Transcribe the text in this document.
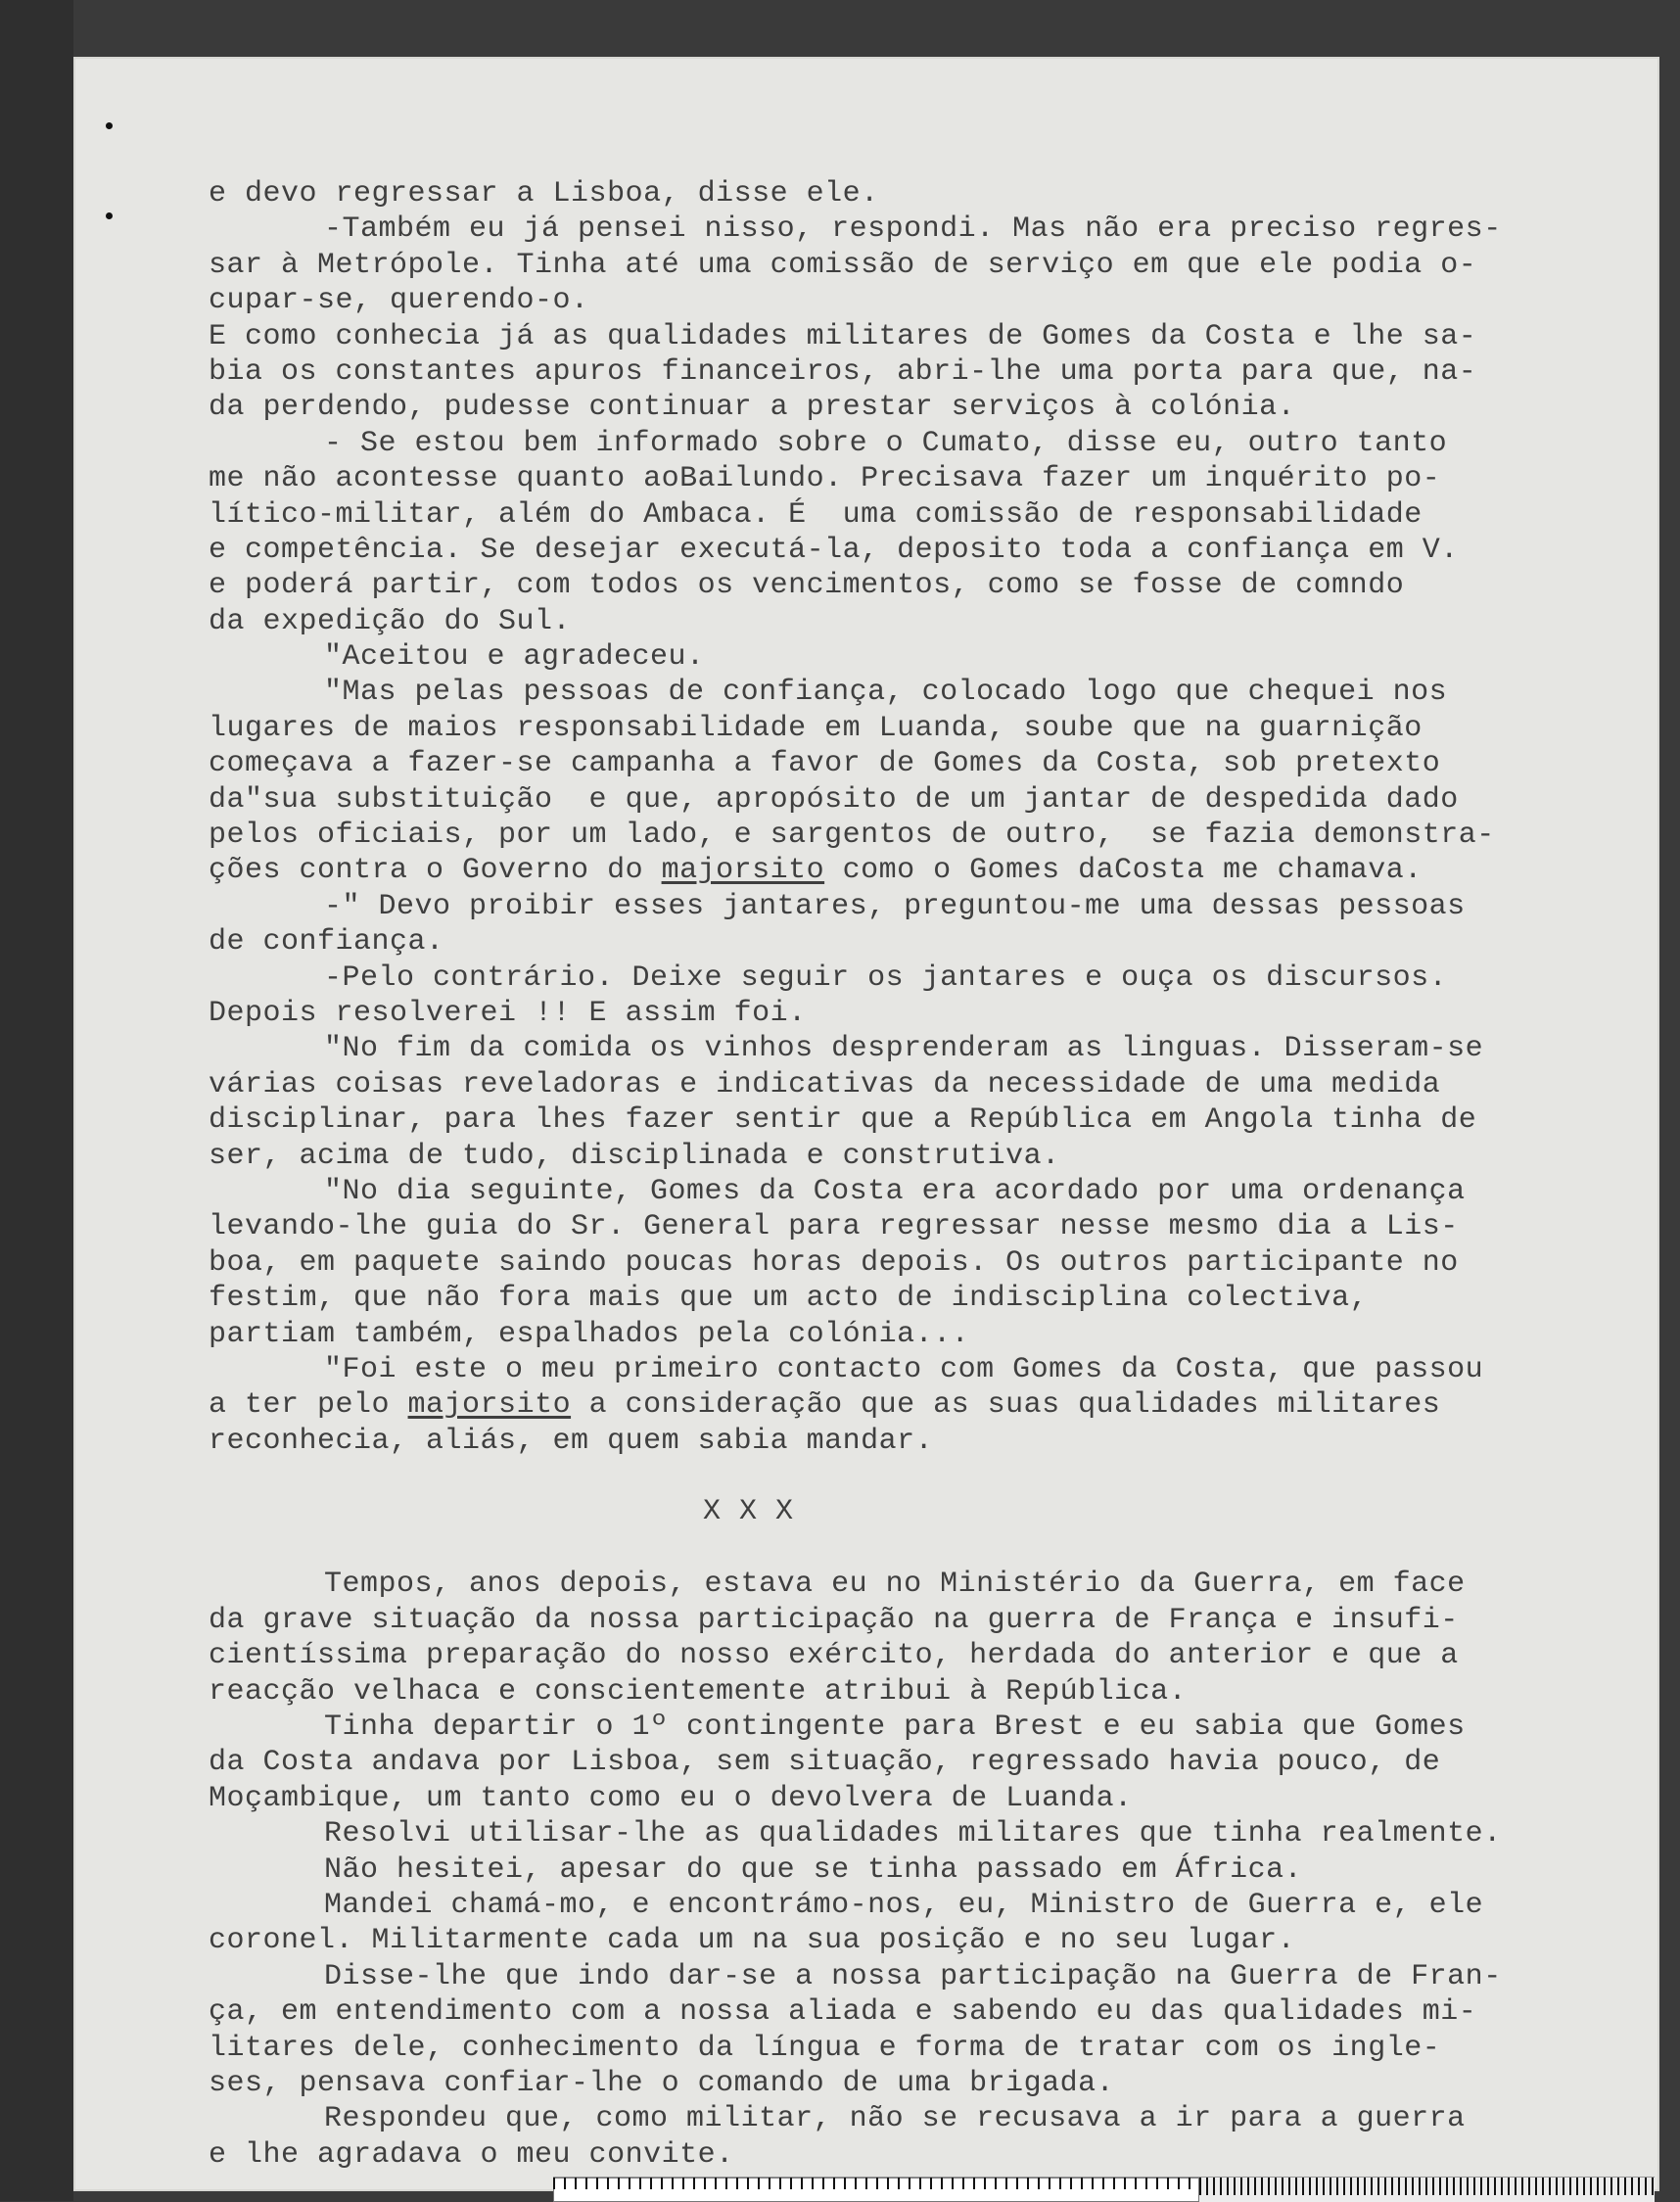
e devo regressar a Lisboa, disse ele.
-Também eu já pensei nisso, respondi. Mas não era preciso regres-
sar à Metrópole. Tinha até uma comissão de serviço em que ele podia o-
cupar-se, querendo-o.
E como conhecia já as qualidades militares de Gomes da Costa e lhe sa-
bia os constantes apuros financeiros, abri-lhe uma porta para que, na-
da perdendo, pudesse continuar a prestar serviços à colónia.
- Se estou bem informado sobre o Cumato, disse eu, outro tanto
me não acontesse quanto aoBailundo. Precisava fazer um inquérito po-
lítico-militar, além do Ambaca. É  uma comissão de responsabilidade
e competência. Se desejar executá-la, deposito toda a confiança em V.
e poderá partir, com todos os vencimentos, como se fosse de comndo
da expedição do Sul.
"Aceitou e agradeceu.
"Mas pelas pessoas de confiança, colocado logo que chequei nos
lugares de maios responsabilidade em Luanda, soube que na guarnição
começava a fazer-se campanha a favor de Gomes da Costa, sob pretexto
da"sua substituição  e que, apropósito de um jantar de despedida dado
pelos oficiais, por um lado, e sargentos de outro,  se fazia demonstra-
ções contra o Governo do majorsito como o Gomes daCosta me chamava.
-" Devo proibir esses jantares, preguntou-me uma dessas pessoas
de confiança.
-Pelo contrário. Deixe seguir os jantares e ouça os discursos.
Depois resolverei !! E assim foi.
"No fim da comida os vinhos desprenderam as linguas. Disseram-se
várias coisas reveladoras e indicativas da necessidade de uma medida
disciplinar, para lhes fazer sentir que a República em Angola tinha de
ser, acima de tudo, disciplinada e construtiva.
"No dia seguinte, Gomes da Costa era acordado por uma ordenança
levando-lhe guia do Sr. General para regressar nesse mesmo dia a Lis-
boa, em paquete saindo poucas horas depois. Os outros participante no
festim, que não fora mais que um acto de indisciplina colectiva,
partiam também, espalhados pela colónia...
"Foi este o meu primeiro contacto com Gomes da Costa, que passou
a ter pelo majorsito a consideração que as suas qualidades militares
reconhecia, aliás, em quem sabia mandar.
X X X
Tempos, anos depois, estava eu no Ministério da Guerra, em face
da grave situação da nossa participação na guerra de França e insufi-
cientíssima preparação do nosso exército, herdada do anterior e que a
reacção velhaca e conscientemente atribui à República.
Tinha departir o 1º contingente para Brest e eu sabia que Gomes
da Costa andava por Lisboa, sem situação, regressado havia pouco, de
Moçambique, um tanto como eu o devolvera de Luanda.
Resolvi utilisar-lhe as qualidades militares que tinha realmente.
Não hesitei, apesar do que se tinha passado em África.
Mandei chamá-mo, e encontrámo-nos, eu, Ministro de Guerra e, ele
coronel. Militarmente cada um na sua posição e no seu lugar.
Disse-lhe que indo dar-se a nossa participação na Guerra de Fran-
ça, em entendimento com a nossa aliada e sabendo eu das qualidades mi-
litares dele, conhecimento da língua e forma de tratar com os ingle-
ses, pensava confiar-lhe o comando de uma brigada.
Respondeu que, como militar, não se recusava a ir para a guerra
e lhe agradava o meu convite.
